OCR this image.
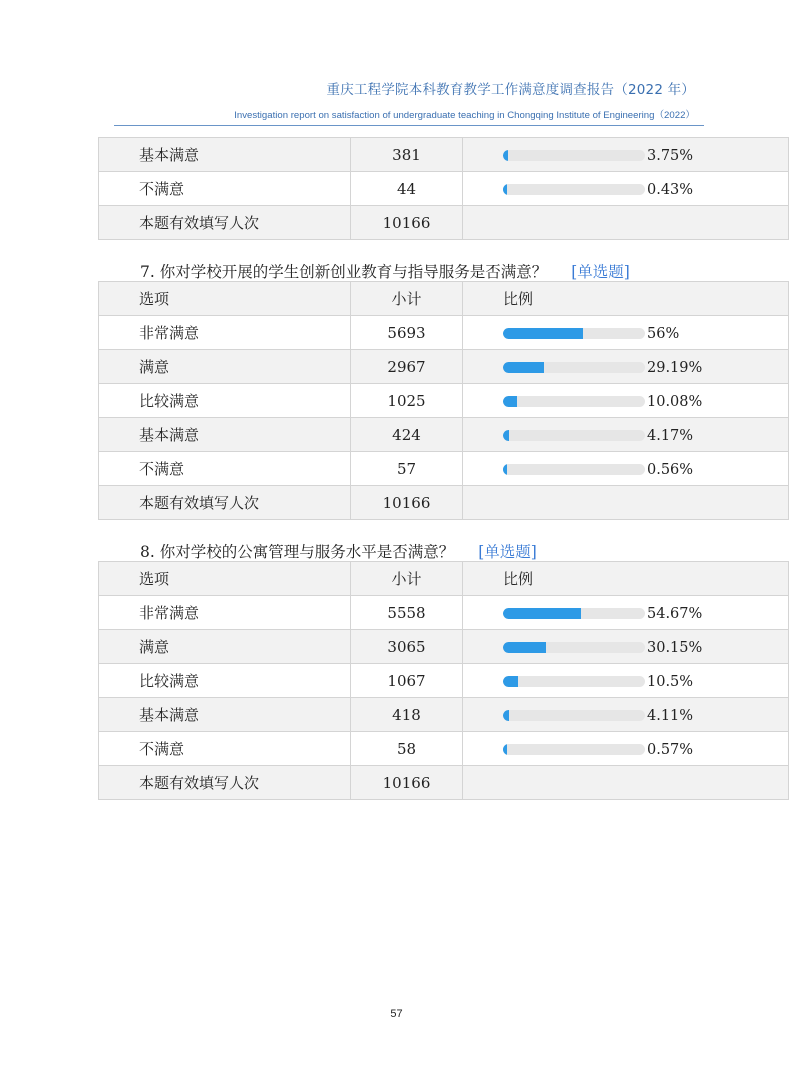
重庆工程学院本科教育教学工作满意度调查报告（2022 年）
Investigation report on satisfaction of undergraduate teaching in Chongqing Institute of Engineering（2022）
基本满意	381	3.75%
不满意	44	0.43%
本题有效填写人次	10166	
7. 你对学校开展的学生创新创业教育与指导服务是否满意？ [单选题]
选项	小计	比例
非常满意	5693	56%
满意	2967	29.19%
比较满意	1025	10.08%
基本满意	424	4.17%
不满意	57	0.56%
本题有效填写人次	10166	
8. 你对学校的公寓管理与服务水平是否满意？ [单选题]
选项	小计	比例
非常满意	5558	54.67%
满意	3065	30.15%
比较满意	1067	10.5%
基本满意	418	4.11%
不满意	58	0.57%
本题有效填写人次	10166	
57
